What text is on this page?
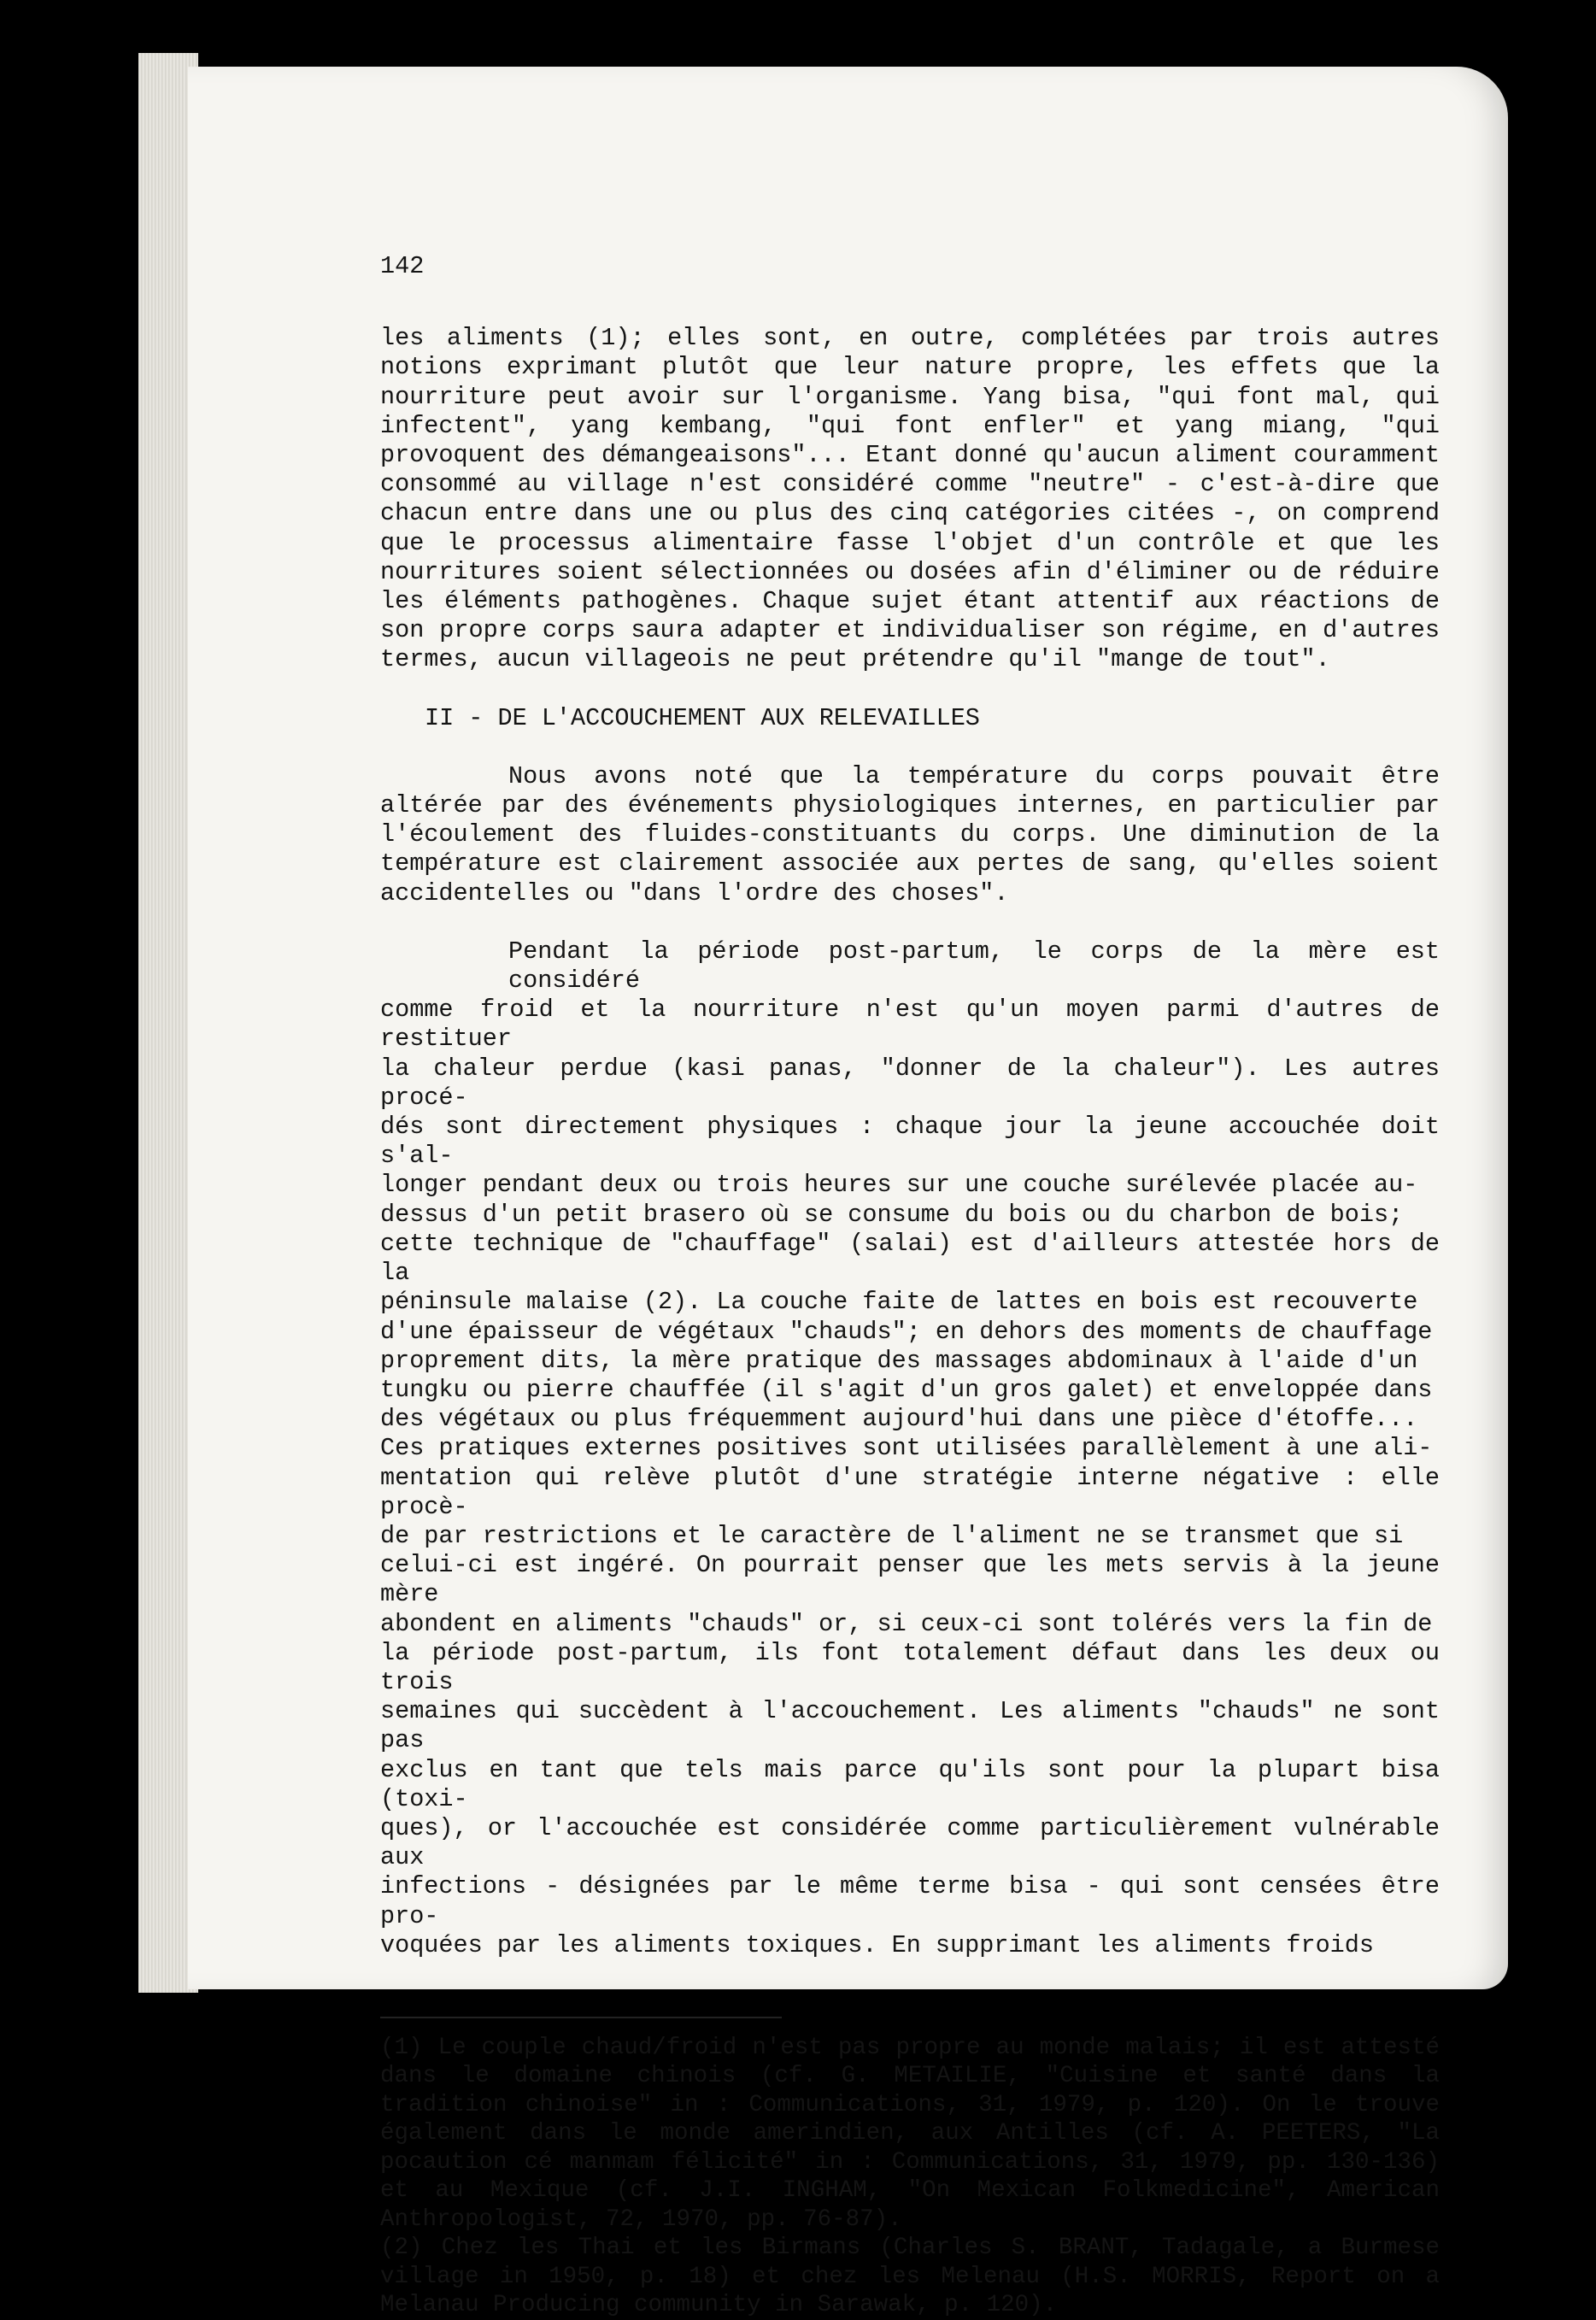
142

les aliments (1); elles sont, en outre, complétées par trois autres notions exprimant plutôt que leur nature propre, les effets que la nourriture peut avoir sur l'organisme. Yang bisa, "qui font mal, qui infectent", yang kembang, "qui font enfler" et yang miang, "qui provoquent des démangeaisons"... Etant donné qu'aucun aliment couramment consommé au village n'est considéré comme "neutre" - c'est-à-dire que chacun entre dans une ou plus des cinq catégories citées -, on comprend que le processus alimentaire fasse l'objet d'un contrôle et que les nourritures soient sélectionnées ou dosées afin d'éliminer ou de réduire les éléments pathogènes. Chaque sujet étant attentif aux réactions de son propre corps saura adapter et individualiser son régime, en d'autres termes, aucun villageois ne peut prétendre qu'il "mange de tout".

II - DE L'ACCOUCHEMENT AUX RELEVAILLES

Nous avons noté que la température du corps pouvait être altérée par des événements physiologiques internes, en particulier par l'écoulement des fluides-constituants du corps. Une diminution de la température est clairement associée aux pertes de sang, qu'elles soient accidentelles ou "dans l'ordre des choses".

Pendant la période post-partum, le corps de la mère est considéré
comme froid et la nourriture n'est qu'un moyen parmi d'autres de restituer
la chaleur perdue (kasi panas, "donner de la chaleur"). Les autres procé-
dés sont directement physiques : chaque jour la jeune accouchée doit s'al-
longer pendant deux ou trois heures sur une couche surélevée placée au-
dessus d'un petit brasero où se consume du bois ou du charbon de bois;
cette technique de "chauffage" (salai) est d'ailleurs attestée hors de la
péninsule malaise (2). La couche faite de lattes en bois est recouverte
d'une épaisseur de végétaux "chauds"; en dehors des moments de chauffage
proprement dits, la mère pratique des massages abdominaux à l'aide d'un
tungku ou pierre chauffée (il s'agit d'un gros galet) et enveloppée dans
des végétaux ou plus fréquemment aujourd'hui dans une pièce d'étoffe...
Ces pratiques externes positives sont utilisées parallèlement à une ali-
mentation qui relève plutôt d'une stratégie interne négative : elle procè-
de par restrictions et le caractère de l'aliment ne se transmet que si
celui-ci est ingéré. On pourrait penser que les mets servis à la jeune mère
abondent en aliments "chauds" or, si ceux-ci sont tolérés vers la fin de
la période post-partum, ils font totalement défaut dans les deux ou trois
semaines qui succèdent à l'accouchement. Les aliments "chauds" ne sont pas
exclus en tant que tels mais parce qu'ils sont pour la plupart bisa (toxi-
ques), or l'accouchée est considérée comme particulièrement vulnérable aux
infections - désignées par le même terme bisa - qui sont censées être pro-
voquées par les aliments toxiques. En supprimant les aliments froids

(1) Le couple chaud/froid n'est pas propre au monde malais; il est attesté dans le domaine chinois (cf. G. METAILIE, "Cuisine et santé dans la tradition chinoise" in : Communications, 31, 1979, p. 120). On le trouve également dans le monde amerindien, aux Antilles (cf. A. PEETERS, "La pocaution cé manmam félicité" in : Communications, 31, 1979, pp. 130-136) et au Mexique (cf. J.I. INGHAM, "On Mexican Folkmedicine", American Anthropologist, 72, 1970, pp. 76-87).

(2) Chez les Thai et les Birmans (Charles S. BRANT, Tadagale, a Burmese village in 1950, p. 18) et chez les Melenau (H.S. MORRIS, Report on a Melanau Producing community in Sarawak, p. 120).
